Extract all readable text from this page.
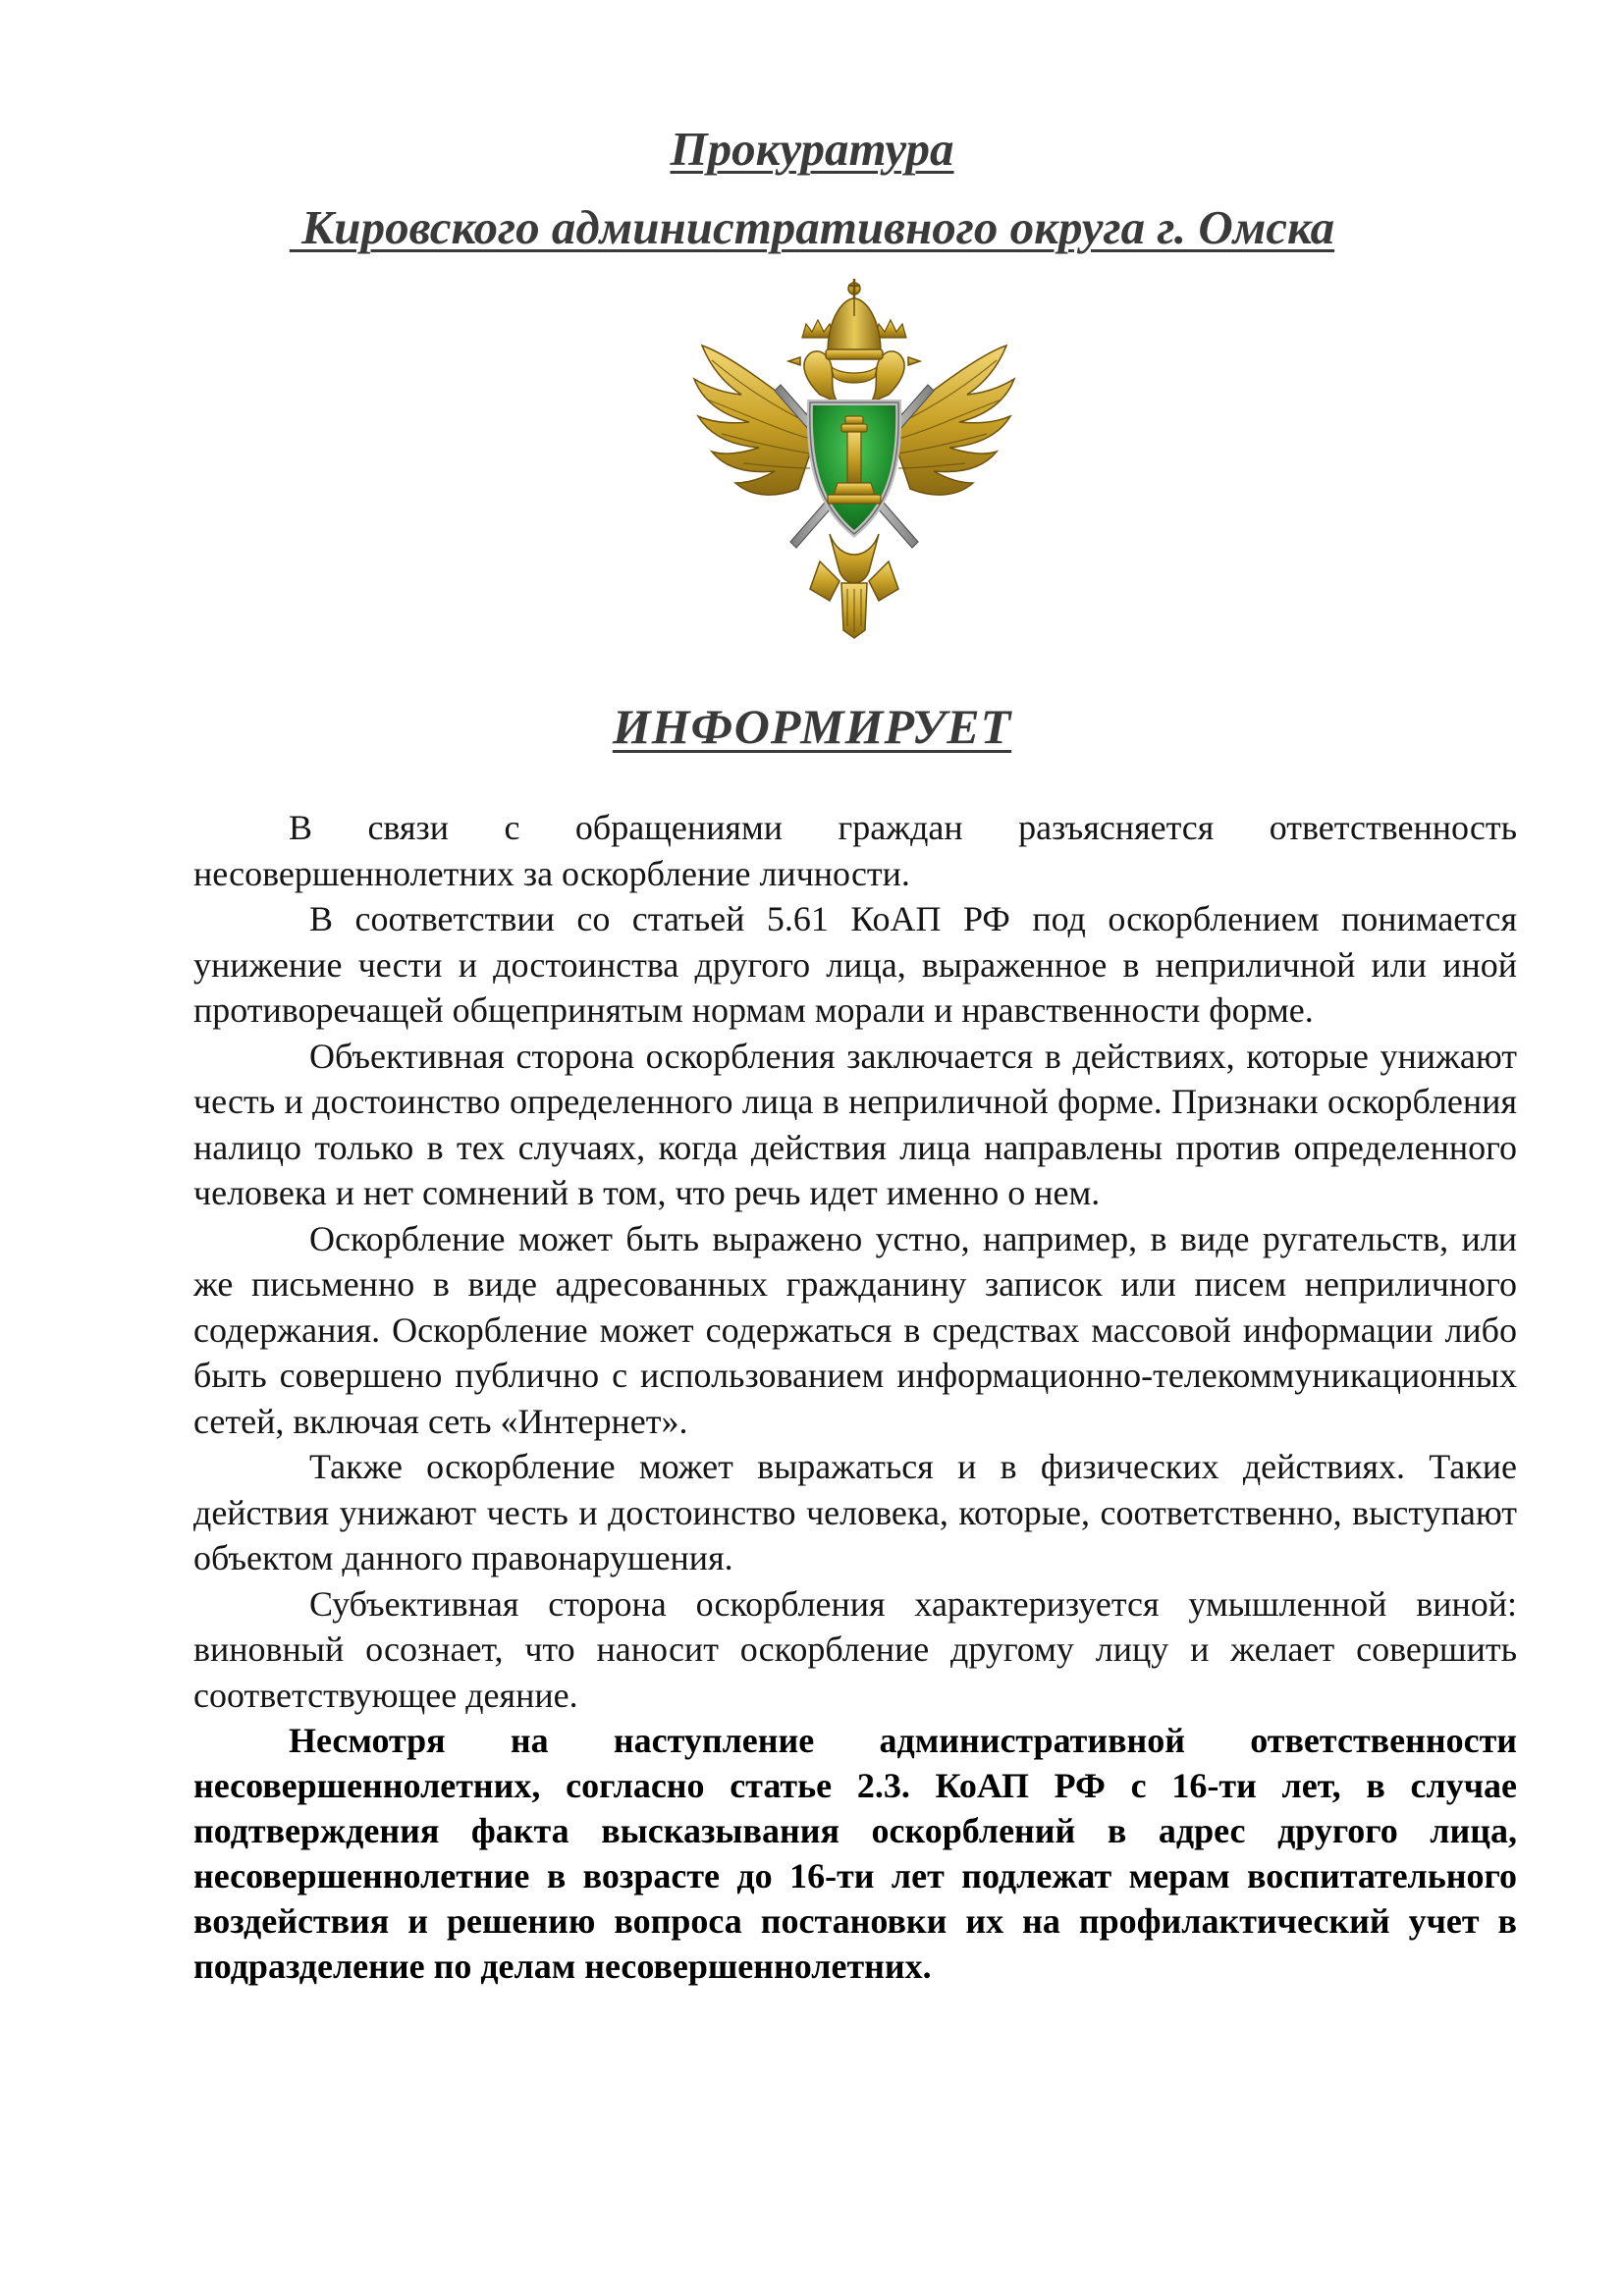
Прокуратура
Кировского административного округа г. Омска
ИНФОРМИРУЕТ

В связи с обращениями граждан разъясняется ответственность несовершеннолетних за оскорбление личности.

В соответствии со статьей 5.61 КоАП РФ под оскорблением понимается унижение чести и достоинства другого лица, выраженное в неприличной или иной противоречащей общепринятым нормам морали и нравственности форме.

Объективная сторона оскорбления заключается в действиях, которые унижают честь и достоинство определенного лица в неприличной форме. Признаки оскорбления налицо только в тех случаях, когда действия лица направлены против определенного человека и нет сомнений в том, что речь идет именно о нем.

Оскорбление может быть выражено устно, например, в виде ругательств, или же письменно в виде адресованных гражданину записок или писем неприличного содержания. Оскорбление может содержаться в средствах массовой информации либо быть совершено публично с использованием информационно-телекоммуникационных сетей, включая сеть «Интернет».

Также оскорбление может выражаться и в физических действиях. Такие действия унижают честь и достоинство человека, которые, соответственно, выступают объектом данного правонарушения.

Субъективная сторона оскорбления характеризуется умышленной виной: виновный осознает, что наносит оскорбление другому лицу и желает совершить соответствующее деяние.

Несмотря на наступление административной ответственности несовершеннолетних, согласно статье 2.3. КоАП РФ с 16-ти лет, в случае подтверждения факта высказывания оскорблений в адрес другого лица, несовершеннолетние в возрасте до 16-ти лет подлежат мерам воспитательного воздействия и решению вопроса постановки их на профилактический учет в подразделение по делам несовершеннолетних.
